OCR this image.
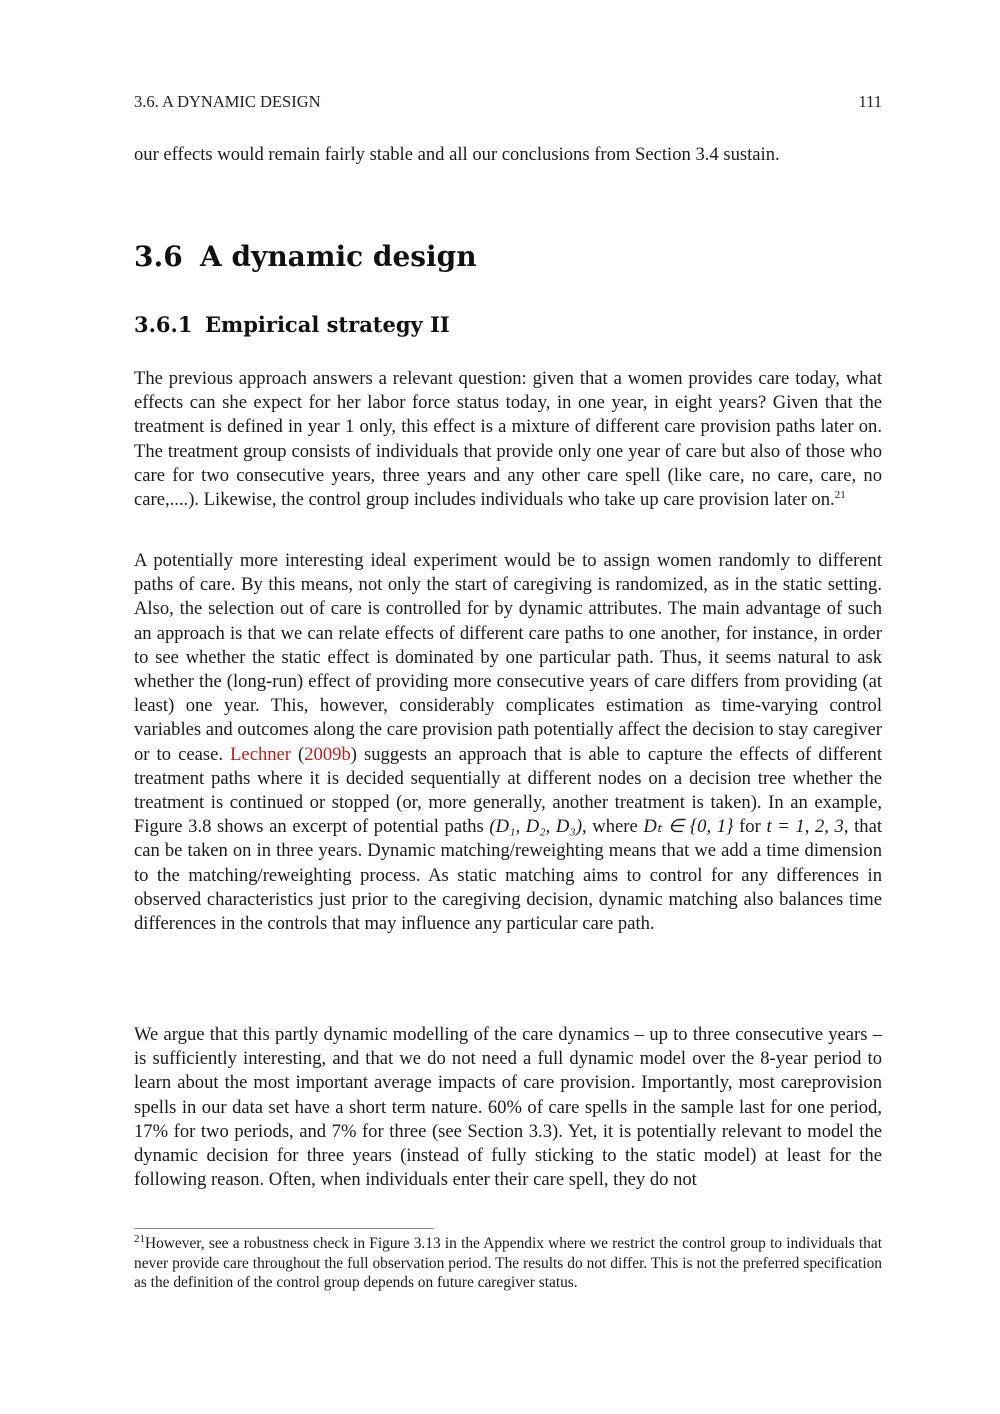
3.6. A DYNAMIC DESIGN	111

our effects would remain fairly stable and all our conclusions from Section 3.4 sustain.

3.6 A dynamic design
3.6.1 Empirical strategy II

The previous approach answers a relevant question: given that a women provides care today, what effects can she expect for her labor force status today, in one year, in eight years? Given that the treatment is defined in year 1 only, this effect is a mixture of different care provision paths later on. The treatment group consists of individuals that provide only one year of care but also of those who care for two consecutive years, three years and any other care spell (like care, no care, care, no care,....). Likewise, the control group includes individuals who take up care provision later on.$^{21}$

A potentially more interesting ideal experiment would be to assign women randomly to different paths of care. By this means, not only the start of caregiving is randomized, as in the static setting. Also, the selection out of care is controlled for by dynamic attributes. The main advantage of such an approach is that we can relate effects of different care paths to one another, for instance, in order to see whether the static effect is dominated by one particular path. Thus, it seems natural to ask whether the (long-run) effect of providing more consecutive years of care differs from providing (at least) one year. This, however, considerably complicates estimation as time-varying control variables and outcomes along the care provision path potentially affect the decision to stay caregiver or to cease. Lechner (2009b) suggests an approach that is able to capture the effects of different treatment paths where it is decided sequentially at different nodes on a decision tree whether the treatment is continued or stopped (or, more generally, another treatment is taken). In an example, Figure 3.8 shows an excerpt of potential paths (D₁, D₂, D₃), where Dₜ ∈ {0, 1} for t = 1, 2, 3, that can be taken on in three years. Dynamic matching/reweighting means that we add a time dimension to the matching/reweighting process. As static matching aims to control for any differences in observed characteristics just prior to the caregiving decision, dynamic matching also balances time differences in the controls that may influence any particular care path.

We argue that this partly dynamic modelling of the care dynamics – up to three consecutive years – is sufficiently interesting, and that we do not need a full dynamic model over the 8-year period to learn about the most important average impacts of care provision. Importantly, most careprovision spells in our data set have a short term nature. 60% of care spells in the sample last for one period, 17% for two periods, and 7% for three (see Section 3.3). Yet, it is potentially relevant to model the dynamic decision for three years (instead of fully sticking to the static model) at least for the following reason. Often, when individuals enter their care spell, they do not

$^{21}$However, see a robustness check in Figure 3.13 in the Appendix where we restrict the control group to individuals that never provide care throughout the full observation period. The results do not differ. This is not the preferred specification as the definition of the control group depends on future caregiver status.
